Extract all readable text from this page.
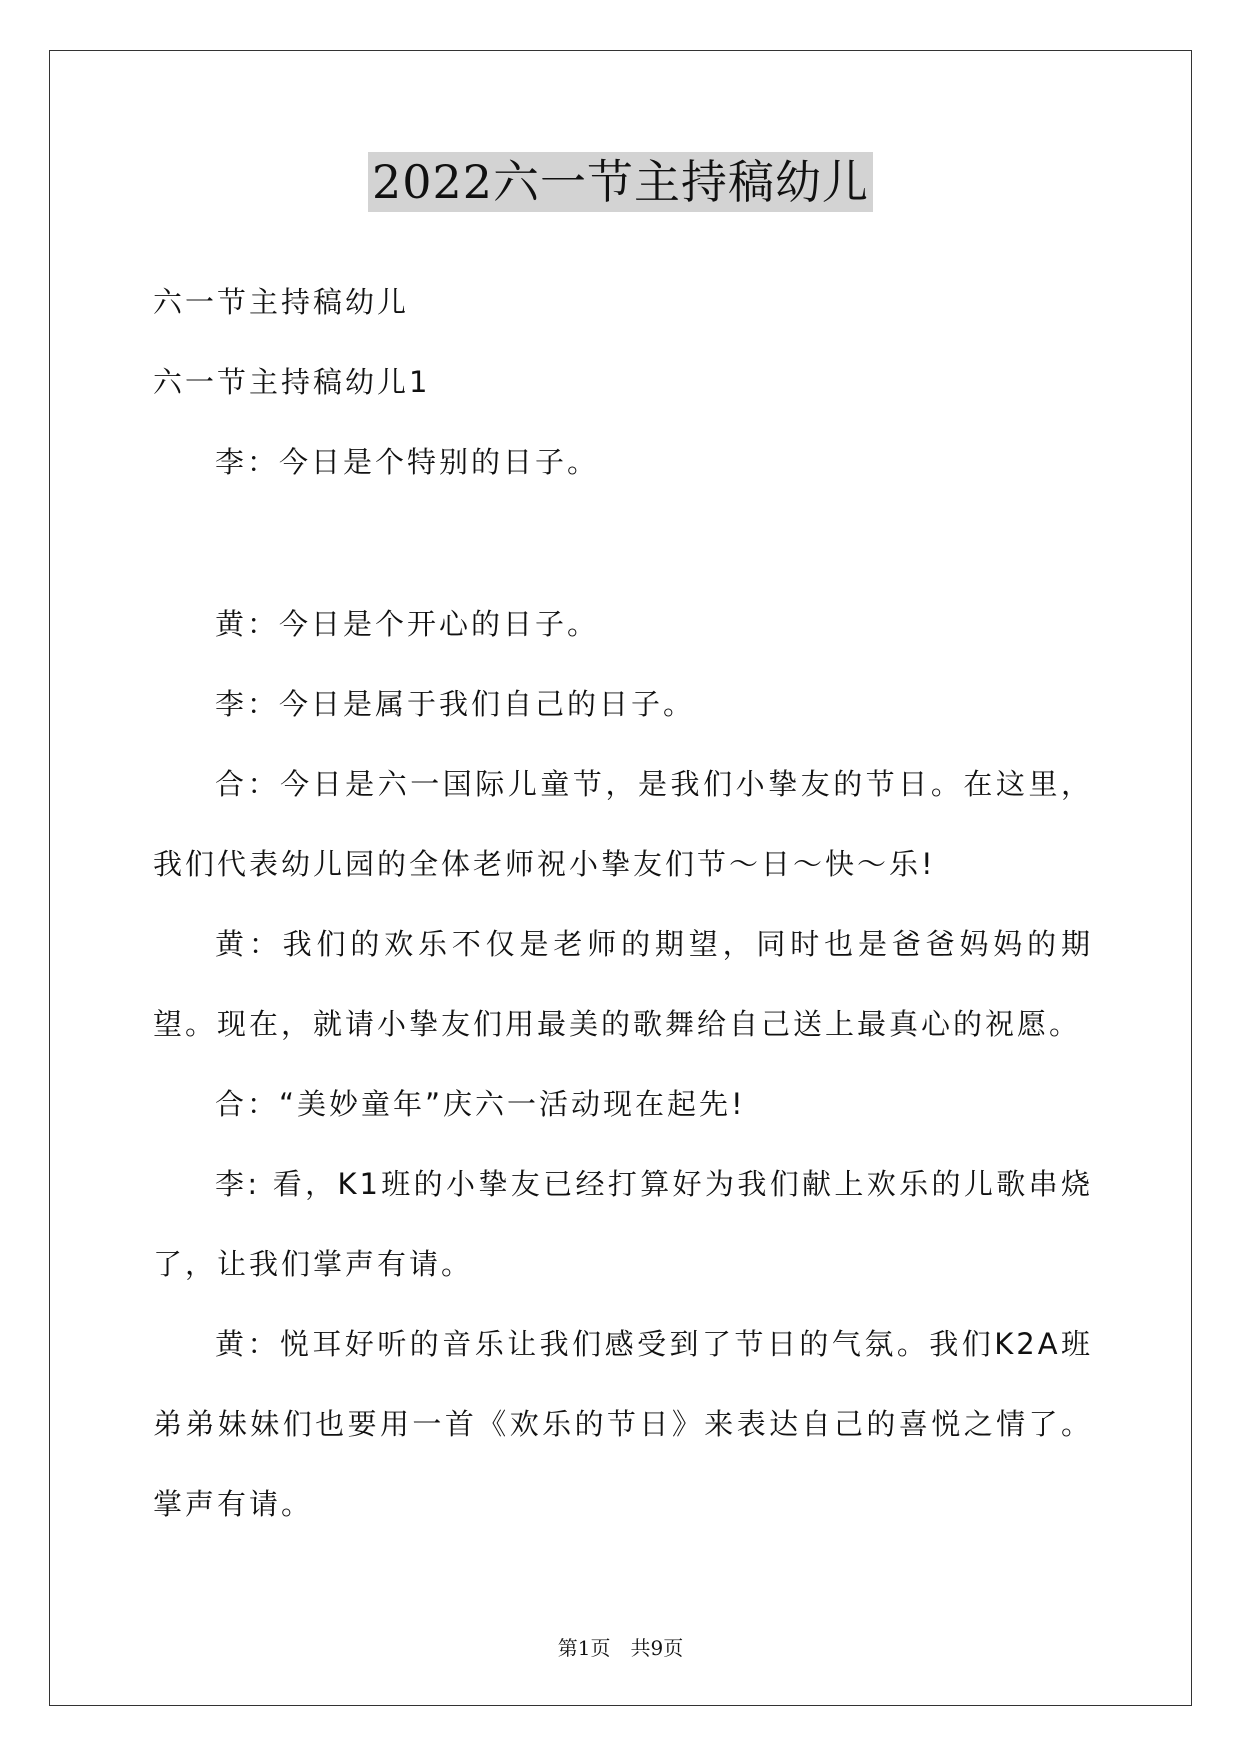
2022六一节主持稿幼儿

六一节主持稿幼儿

六一节主持稿幼儿1

李：今日是个特别的日子。

黄：今日是个开心的日子。

李：今日是属于我们自己的日子。

合：今日是六一国际儿童节，是我们小挚友的节日。在这里，我们代表幼儿园的全体老师祝小挚友们节～日～快～乐!

黄：我们的欢乐不仅是老师的期望，同时也是爸爸妈妈的期望。现在，就请小挚友们用最美的歌舞给自己送上最真心的祝愿。

合：“美妙童年”庆六一活动现在起先!

李: 看，K1班的小挚友已经打算好为我们献上欢乐的儿歌串烧了，让我们掌声有请。

黄：悦耳好听的音乐让我们感受到了节日的气氛。我们K2A班弟弟妹妹们也要用一首《欢乐的节日》来表达自己的喜悦之情了。掌声有请。

第1页　共9页
